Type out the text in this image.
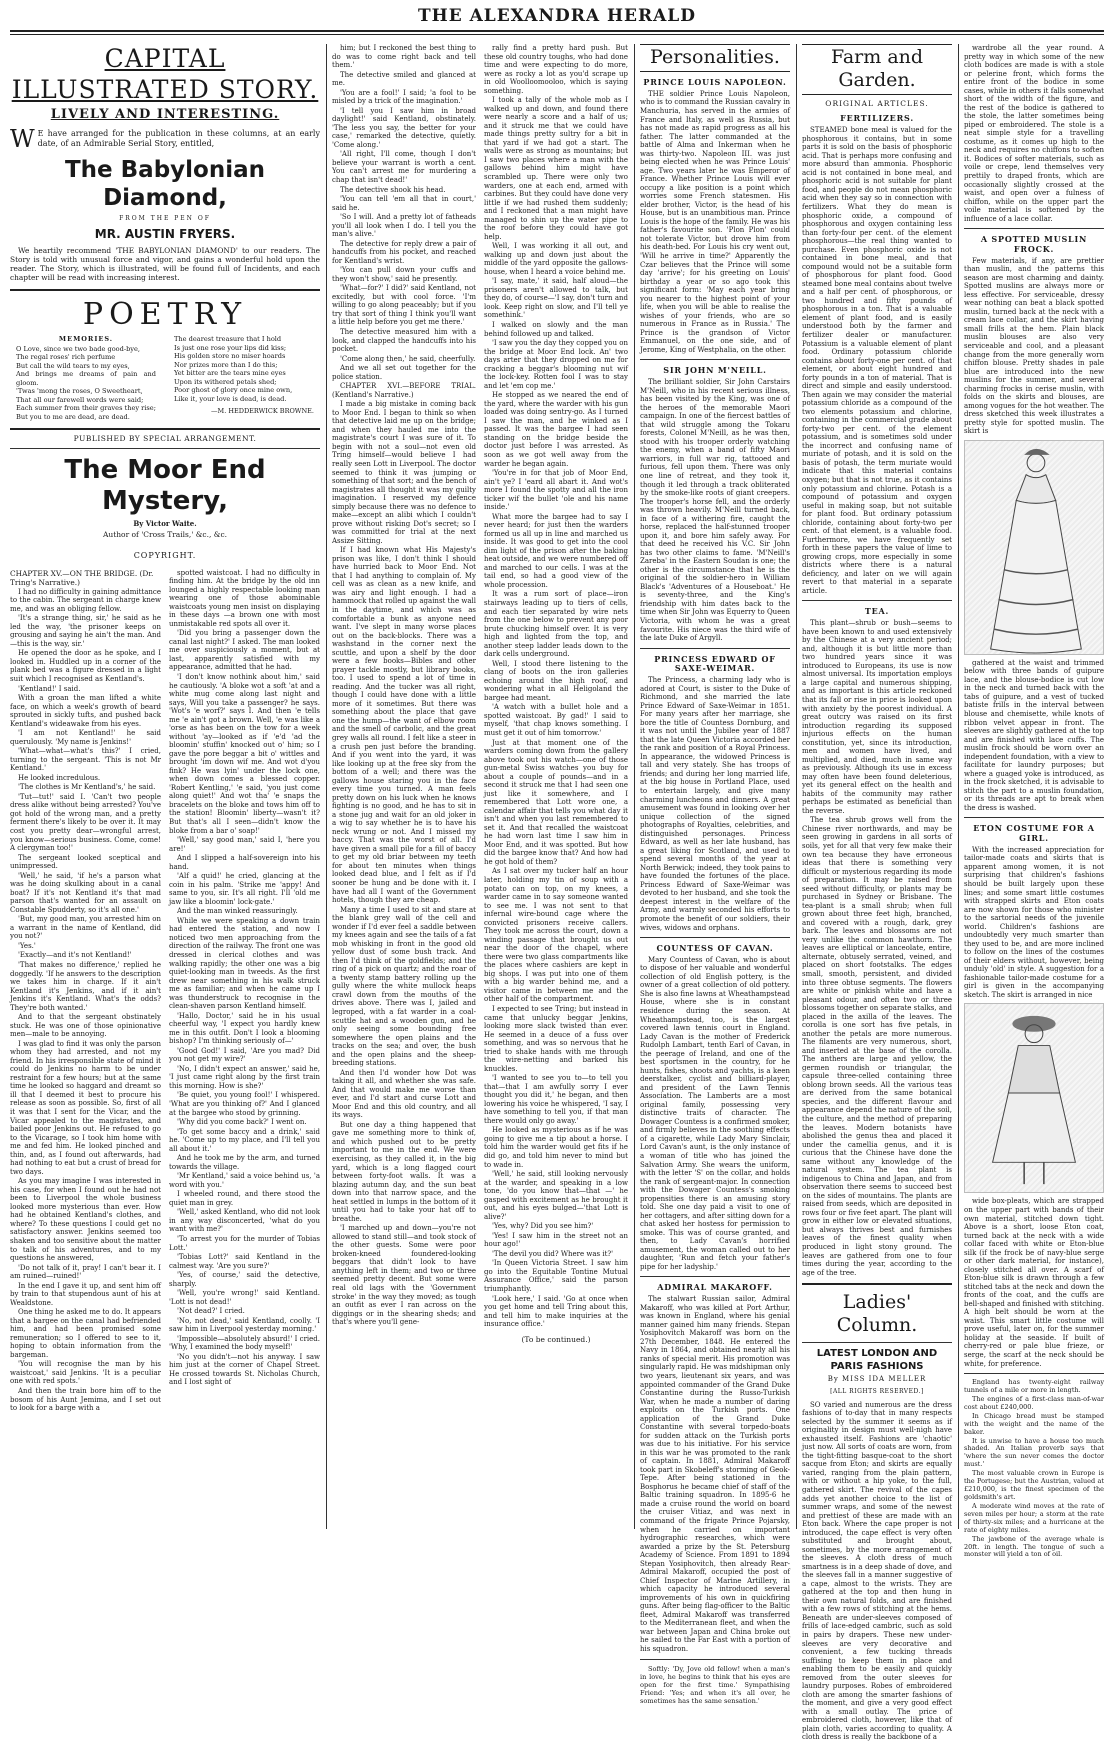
THE ALEXANDRA HERALD
CAPITAL ILLUSTRATED STORY.
LIVELY AND INTERESTING.
W E have arranged for the publication in these columns, at an early date, of an Admirable Serial Story, entitled,
The Babylonian Diamond,
FROM THE PEN OF
MR. AUSTIN FRYERS.
We heartily recommend 'THE BABYLONIAN DIAMOND' to our readers. The Story is told with unusual force and vigor, and gains a wonderful hold upon the reader. The Story, which is illustrated, will be found full of Incidents, and each chapter will be read with increasing interest.
POETRY
MEMORIES.
O Love, since we two bade good-bye,
The regal roses' rich perfume
But call the wild tears to my eyes,
And brings me dreams of pain and gloom.
'Twas 'mong the roses, O Sweetheart,
That all our farewell words were said;
Each summer from their graves they rise;
But you to me are dead, are dead.
The dearest treasure that I hold
Is just one rose your lips did kiss;
His golden store no miser hoards
Nor prizes more than I do this;
Yet bitter are the tears mine eyes
Upon its withered petals shed;
Poor ghost of glory once mine own,
Like it, your love is dead, is dead.
—M. HEDDERWICK BROWNE.
PUBLISHED BY SPECIAL ARRANGEMENT.
The Moor End Mystery,
By Victor Waite.
Author of 'Cross Trails,' &c., &c.
COPYRIGHT.
CHAPTER XV.—ON THE BRIDGE. (Dr. Tring's Narrative.)

I had no difficulty in gaining admittance to the cabin. The sergeant in charge knew me, and was an obliging fellow.

'It's a strange thing, sir,' he said as he led the way, 'the prisoner keeps on grousing and saying he ain't the man. And—this is the way, sir.'

He opened the door as he spoke, and I looked in. Huddled up in a corner of the plank bed was a figure dressed in a light suit which I recognised as Kentland's.

'Kentland!' I said.

With a groan the man lifted a white face, on which a week's growth of beard sprouted in sickly tufts, and pushed back Kentland's wideawake from his eyes.

'I am not Kentland!' he said querulously. 'My name is Jenkins!'

'What—what—what's this?' I cried, turning to the sergeant. 'This is not Mr Kentland.'

He looked incredulous.

'The clothes is Mr Kentland's,' he said.

'Tut—tut!' said I. 'Can't two people dress alike without being arrested? You've got hold of the wrong man, and a pretty ferment there's likely to be over it. It may cost you pretty dear—wrongful arrest, you know—serious business. Come, come! A clergyman too!'

The sergeant looked sceptical and unimpressed.

'Well,' he said, 'if he's a parson what was he doing skulking about in a canal boat? If it's not Kentland it's that mad parson that's wanted for an assault on Constable Spudderty, so it's all one.'

'But, my good man, you arrested him on a warrant in the name of Kentland, did you not?'

'Yes.'

'Exactly—and it's not Kentland!'

'That makes no difference,' replied he doggedly. 'If he answers to the description we takes him in charge. If it ain't Kentland it's Jenkins, and if it ain't Jenkins it's Kentland. What's the odds? They're both wanted.'

And to that the sergeant obstinately stuck. He was one of those opinionative men—male to be annoying.

I was glad to find it was only the parson whom they had arrested, and not my friend. In his irresponsible state of mind it could do Jenkins no harm to be under restraint for a few hours; but at the same time he looked so haggard and dreamt so ill that I deemed it best to procure his release as soon as possible. So, first of all it was that I sent for the Vicar, and the Vicar appealed to the magistrates, and bailed poor Jenkins out. He refused to go to the Vicarage, so I took him home with me and fed him. He looked pinched and thin, and, as I found out afterwards, had had nothing to eat but a crust of bread for two days.

As you may imagine I was interested in his case, for when I found out he had not been to Liverpool the whole business looked more mysterious than ever. How had he obtained Kentland's clothes, and where? To these questions I could get no satisfactory answer. Jenkins seemed too shaken and too sensitive about the matter to talk of his adventures, and to my questions he answered,

'Do not talk of it, pray! I can't bear it. I am ruined—ruined!'

In the end I gave it up, and sent him off by train to that stupendous aunt of his at Wealdstone.

One thing he asked me to do. It appears that a bargee on the canal had befriended him, and had been promised some remuneration; so I offered to see to it, hoping to obtain information from the bargeman.

'You will recognise the man by his waistcoat,' said Jenkins. 'It is a peculiar one with red spots.'

And then the train bore him off to the bosom of his Aunt Jemima, and I set out to look for a barge with a

spotted waistcoat. I had no difficulty in finding him. At the bridge by the old inn lounged a highly respectable looking man wearing one of those abominable waistcoats young men insist on displaying in these days —a brown one with most unmistakable red spots all over it.

'Did you bring a passenger down the canal last night?' I asked. The man looked me over suspiciously a moment, but at last, apparently satisfied with my appearance, admitted that he had.

'I don't know nothink about him,' said he cautiously. 'A bloke wot a soft 'at and a white mug come along last night and says, Will you take a passenger? he says. 'Wot's 'e worf?' says I. And then 'e tells me 'e ain't got a brown. Well, 'e was like a 'orse as has been on the tow for a week without 'ay—looked as if 'e'd 'ad the bloomin' stuffin' knocked out o' him; so I gave the pore beggar a bit o' wittles and brought 'im down wif me. And wot d'you fink? He was lyin' under the lock one, when down comes a blessed copper. 'Robert Kentling,' 'e said, 'you just come along quiet!' And wot tha' 'e snaps the bracelets on the bloke and tows him off to the station! Bloomin' liberty—wasn't it? But that's all I seen—didn't know the bloke from a bar o' soap!'

'Well,' say good man,' said I, 'here you are!'

And I slipped a half-sovereign into his hand.

'Alf a quid!' he cried, glancing at the coin in his palm. 'Strike me 'appy! And same to you, sir. It's all right. I'll 'old me jaw like a bloomin' lock-gate.'

And the man winked reassuringly.

While we were speaking a down train had entered the station, and now I noticed two men approaching from the direction of the railway. The front one was dressed in clerical clothes and was walking rapidly; the other one was a big quiet-looking man in tweeds. As the first drew near something in his walk struck me as familiar; and when he came up I was thunderstruck to recognise in the clean-shaven parson Kentland himself.

'Hallo, Doctor,' said he in his usual cheerful way, 'I expect you hardly knew me in this outfit. Don't I look a blooming bishop? I'm thinking seriously of—'

'Good God!' I said, 'Are you mad? Did you not get my wire?'

'No, I didn't expect an answer,' said he, 'I just came right along by the first train this morning. How is she?'

'Be quiet, you young fool!' I whispered. 'What are you thinking of?' And I glanced at the bargee who stood by grinning.

'Why did you come back?' I went on.

'To get some baccy and a drink,' said he. 'Come up to my place, and I'll tell you all about it.'

And he took me by the arm, and turned towards the village.

'Mr Kentland,' said a voice behind us, 'a word with you.'

I wheeled round, and there stood the quiet man in grey.

'Well,' asked Kentland, who did not look in any way disconcerted, 'what do you want with me?'

'To arrest you for the murder of Tobias Lott.'

'Tobias Lott?' said Kentland in the calmest way. 'Are you sure?'

'Yes, of course,' said the detective, sharply.

'Well, you're wrong!' said Kentland. 'Lott is not dead!'

'Not dead?' I cried.

'No, not dead,' said Kentland, coolly. 'I saw him in Liverpool yesterday morning.'

'Impossible—absolutely absurd!' I cried. 'Why, I examined the body myself!'

'No you didn't—not his anyway. I saw him just at the corner of Chapel Street. He crossed towards St. Nicholas Church, and I lost sight of

him; but I reckoned the best thing to do was to come right back and tell them.'

The detective smiled and glanced at me.

'You are a fool!' I said; 'a fool to be misled by a trick of the imagination.'

'I tell you I saw him in broad daylight!' said Kentland, obstinately. 'The less you say, the better for your case,' remarked the detective, quietly. 'Come along.'

'All right, I'll come, though I don't believe your warrant is worth a cent. You can't arrest me for murdering a chap that isn't dead!'

The detective shook his head.

'You can tell 'em all that in court,' said he.

'So I will. And a pretty lot of fatheads you'll all look when I do. I tell you the man's alive.'

The detective for reply drew a pair of handcuffs from his pocket, and reached for Kentland's wrist.

'You can pull down your cuffs and they won't show,' said he presently.

'What—for?' I did?' said Kentland, not excitedly, but with cool force. 'I'm willing to go along peaceably; but if you try that sort of thing I think you'll want a little help before you get me there.'

The detective measured him with a look, and clapped the handcuffs into his pocket.

'Come along then,' he said, cheerfully.

And we all set out together for the police station.

CHAPTER XVI.—BEFORE TRIAL. (Kentland's Narrative.)

I made a big mistake in coming back to Moor End. I began to think so when that detective laid me up on the bridge; and when they hauled me into the magistrate's court I was sure of it. To begin with not a soul—not even old Tring himself—would believe I had really seen Lott in Liverpool. The doctor seemed to think it was jumping or something of that sort; and the bench of magistrates all thought it was my guilty imagination. I reserved my defence simply because there was no defence to make—except an alibi which I couldn't prove without risking Dot's secret; so I was committed for trial at the next Assize Sitting.

If I had known what His Majesty's prison was like, I don't think I should have hurried back to Moor End. Not that I had anything to complain of. My cell was as clean as a new knife, and was airy and light enough. I had a hammock that rolled up against the wall in the daytime, and which was as comfortable a bunk as anyone need want. I've slept in many worse places out on the back-blocks. There was a washstand in the corner next the scuttle, and upon a shelf by the door were a few books—Bibles and other prayer tackle mostly, but library books, too. I used to spend a lot of time in reading. And the tucker was all right, though I could have done with a little more of it sometimes. But there was something about the place that gave one the hump—the want of elbow room and the smell of carbolic, and the great grey walls all round. I felt like a steer in a crush pen just before the branding. And if you went into the yard, it was like looking up at the free sky from the bottom of a well; and there was the gallows house staring you in the face every time you turned. A man feels pretty down on his luck when he knows fighting is no good, and he has to sit in a stone jug and wait for an old joker in a wig to say whether he is to have his neck wrung or not. And I missed my baccy. That was the worst of all. I'd have given a small pile for a fill of baccy to get my old briar between my teeth for about ten minutes when things looked dead blue, and I felt as if I'd sooner be hung and be done with it. I have had all I want of the Government hotels, though they are cheap.

Many a time I used to sit and stare at the blank grey wall of the cell and wonder if I'd ever feel a saddle between my knees again and see the tails of a fat mob whisking in front in the good old yellow dust of some bush track. And then I'd think of the goldfields; and the ring of a pick on quartz; and the roar of a twenty stamp battery rolling up the gully where the white mullock heaps crawl down from the mouths of the drives above. There was I, jailed and legroped, with a fat warder in a coal-scuttle hat and a wooden gun, and he only seeing some bounding free somewhere the open plains and the tracks on the sea; and over, the bush and the open plains and the sheep-breeding stations.

And then I'd wonder how Dot was taking it all, and whether she was safe. And that would make me worse than ever, and I'd start and curse Lott and Moor End and this old country, and all its ways.

But one day a thing happened that gave me something more to think of, and which pushed out to be pretty important to me in the end. We were exercising, as they called it, in the big yard, which is a long flagged court between forty-foot walls. It was a blazing autumn day, and the sun beat down into that narrow space, and the heat settled in lumps in the bottom of it until you had to take your hat off to breathe.

'I marched up and down—you're not allowed to stand still—and took stock of the other guests. Some were poor broken-kneed foundered-looking beggars that didn't look to have anything left in them; and two or three seemed pretty decent. But some were real old lags with the 'Government stroke' in the way they moved; as tough an outfit as ever I ran across on the diggings or in the shearing sheds; and that's where you'll gene-

rally find a pretty hard push. But these old country toughs, who had done time and were expecting to do more, were as rocky a lot as you'd scrape up in old Woolloomooloo, which is saying something.

I took a tally of the whole mob as I walked up and down, and found there were nearly a score and a half of us; and it struck me that we could have made things pretty sultry for a bit in that yard if we had got a start. The walls were as strong as mountains; but I saw two places where a man with the gallows behind him might have scrambled up. There were only two warders, one at each end, armed with carbines. But they could have done very little if we had rushed them suddenly; and I reckoned that a man might have managed to shin up the water pipe to the roof before they could have got help.

Well, I was working it all out, and walking up and down just about the middle of the yard opposite the gallows-house, when I heard a voice behind me.

'I say, mate,' it said, half aloud—the prisoners aren't allowed to talk, but they do, of course—'I say, don't turn and look. Keep right on slow, and I'll tell ye somethink.'

I walked on slowly and the man behind followed up and talked.

'I saw you the day they copped you on the bridge at Moor End lock. An' two days arter that they dropped on me for cracking a beggar's blooming nut wif the lock-key. Rotten fool I was to stay and let 'em cop me.'

He stopped as we neared the end of the yard, where the warder with his gun loaded was doing sentry-go. As I turned I saw the man, and he winked as I passed. It was the bargee I had seen standing on the bridge beside the doctor just before I was arrested. As soon as we got well away from the warder he began again.

'You're in for that job of Moor End, ain't ye? I 'eard all abart it. And wot's more I found the spotty and all the iron ticker wif the bullet 'ole and his name inside.'

What more the bargee had to say I never heard; for just then the warders formed us all up in line and marched us inside. It was good to get into the cool dim light of the prison after the baking heat outside, and we were numbered off and marched to our cells. I was at the tail end, so had a good view of the whole procession.

It was a rum sort of place—iron stairways leading up to tiers of cells, and each tier separated by wire nets from the one below to prevent any poor brute chucking himself over. It is very high and lighted from the top, and another steep ladder leads down to the dark cells underground.

Well, I stood there listening to the clang of boots on the iron galleries echoing around the high roof, and wondering what in all Heligoland the bargee had meant.

'A watch with a bullet hole and a spotted waistcoat. By gad!' I said to myself, 'that chap knows something. I must get it out of him tomorrow.'

Just at that moment one of the warders coming down from the gallery above took out his watch—one of those gun-metal Swiss watches you buy for about a couple of pounds—and in a second it struck me that I had seen one just like it somewhere, and I remembered that Lott wore one, a calendar affair that tells you what day it isn't and when you last remembered to set it. And that recalled the waistcoat he had worn last time I saw him in Moor End, and it was spotted. But how did the bargee know that? And how had he got hold of them?

As I sat over my tucker half an hour later, holding my tin of soup with a potato can on top, on my knees, a warder came in to say someone wanted to see me. I was not sent to that infernal wire-bound cage where the convicted prisoners receive callers. They took me across the court, down a winding passage that brought us out near the door of the chapel, where there were two glass compartments like the places where cashiers are kept in big shops. I was put into one of them with a big warder behind me, and a visitor came in between me and the other half of the compartment.

I expected to see Tring; but instead in came that unlucky beggar Jenkins, looking more slack twisted than ever. He seemed in a deuce of a fuss over something, and was so nervous that he tried to shake hands with me through the wire-netting and barked his knuckles.

'I wanted to see you to—to tell you that—that I am awfully sorry I ever thought you did it,' he began, and then lowering his voice he whispered, 'I say, I have something to tell you, if that man there would only go away.'

He looked as mysterious as if he was going to give me a tip about a horse. I told him the warder would get fits if he did go, and told him never to mind but to wade in.

'Well,' he said, still looking nervously at the warder, and speaking in a low tone, 'do you know that—that —' he gasped with excitement as he brought it out, and his eyes bulged—'that Lott is alive?'

'Yes, why? Did you see him?'

'Yes! I saw him in the street not an hour ago!'

'The devil you did? Where was it?'

'In Queen Victoria Street. I saw him go into the Equitable Tontine Mutual Assurance Office,' said the parson triumphantly.

'Look here,' I said. 'Go at once when you get home and tell Tring about this, and tell him to make inquiries at the insurance office.'

(To be continued.)
Personalities.
PRINCE LOUIS NAPOLEON.

THE soldier Prince Louis Napoleon, who is to command the Russian cavalry in Manchuria, has served in the armies of France and Italy, as well as Russia, but has not made as rapid progress as all his father. The latter commanded at the battle of Alma and Inkerman when he was thirty-two. Napoleon III. was just being elected when he was Prince Louis' age. Two years later he was Emperor of France. Whether Prince Louis will ever occupy a like position is a point which worries some French statesmen. His elder brother, Victor, is the head of his House, but is an unambitious man. Prince Louis is the hope of the family. He was his father's favourite son. 'Plon Plon' could not tolerate Victor, but drove him from his death-bed. For Louis his cry went out, 'Will he arrive in time?' Apparently the Czar believes that the Prince will some day 'arrive'; for his greeting on Louis' birthday a year or so ago took this significant form: 'May each year bring you nearer to the highest point of your life, when you will be able to realise the wishes of your friends, who are so numerous in France as in Russia.' The Prince is the grandson of Victor Emmanuel, on the one side, and of Jerome, King of Westphalia, on the other.

SIR JOHN M'NEILL.

The brilliant soldier, Sir John Carstairs M'Neill, who in his recent serious illness, has been visited by the King, was one of the heroes of the memorable Maori campaign. In one of the fiercest battles of that wild struggle among the Tokaru forests, Colonel M'Neill, as he was then, stood with his trooper orderly watching the enemy, when a band of fifty Maori warriors, in full war rig, tattooed and furious, fell upon them. There was only one line of retreat, and they took it, though it led through a track obliterated by the smoke-like roots of giant creepers. The trooper's horse fell, and the orderly was thrown heavily. M'Neill turned back, in face of a withering fire, caught the horse, replaced the half-stunned trooper upon it, and bore him safely away. For that deed he received his V.C. Sir John has two other claims to fame. 'M'Neill's Zareba' in the Eastern Soudan is one; the other is the circumstance that he is the original of the soldier-hero in William Black's 'Adventures of a Houseboat.' He is seventy-three, and the King's friendship with him dates back to the time when Sir John was Equerry to Queen Victoria, with whom he was a great favourite. His niece was the third wife of the late Duke of Argyll.

PRINCESS EDWARD OF SAXE-WEIMAR.

The Princess, a charming lady who is adored at Court, is sister to the Duke of Richmond, and she married the late Prince Edward of Saxe-Weimar in 1851. For many years after her marriage, she bore the title of Countess Dornburg, and it was not until the Jubilee year of 1887 that the late Queen Victoria accorded her the rank and position of a Royal Princess. In appearance, the widowed Princess is tall and very stately. She has troops of friends; and during her long married life, at the big house in Portland Place, used to entertain largely, and give many charming luncheons and dinners. A great amusement was found in looking over her unique collection of the signed photographs of Royalties, celebrities, and distinguished personages. Princess Edward, as well as her late husband, has a great liking for Scotland, and used to spend several months of the year at North Berwick; indeed, they took pains to have founded the fortunes of the place. Princess Edward of Saxe-Weimar was devoted to her husband, and she took the deepest interest in the welfare of the Army, and warmly seconded his efforts to promote the benefit of our soldiers, their wives, widows and orphans.

COUNTESS OF CAVAN.

Mary Countess of Cavan, who is about to dispose of her valuable and wonderful collection of old English pottery, is the owner of a great collection of old pottery. She is also fine lawns at Wheathampstead House, where she is in constant residence during the season. At Wheathampstead, too, is the largest covered lawn tennis court in England. Lady Cavan is the mother of Frederick Rudolph Lambart, tenth Earl of Cavan, in the peerage of Ireland, and one of the best sportsmen in the country, for he hunts, fishes, shoots and yachts, is a keen deerstalker, cyclist and billiard-player, and president of the Lawn Tennis Association. The Lamberts are a most original family, possessing very distinctive traits of character. The Dowager Countess is a confirmed smoker, and firmly believes in the soothing effects of a cigarette, while Lady Mary Sinclair, Lord Cavan's aunt, is the only instance of a woman of title who has joined the Salvation Army. She wears the uniform, with the letter 'S' on the collar, and holds the rank of sergeant-major. In connection with the Dowager Countess's smoking propensities there is an amusing story told. She one day paid a visit to one of her cottagers, and after sitting down for a chat asked her hostess for permission to smoke. This was of course granted, and then, to Lady Cavan's horrified amusement, the woman called out to her daughter, 'Run and fetch your father's pipe for her ladyship.'

ADMIRAL MAKAROFF.

The stalwart Russian sailor, Admiral Makaroff, who was killed at Port Arthur, was known in England, where his genial manner gained him many friends. Stepan Yosiphovitch Makaroff was born on the 27th December, 1848. He entered the Navy in 1864, and obtained nearly all his ranks of special merit. His promotion was singularly rapid. He was midshipman only two years, lieutenant six years, and was appointed commander of the Grand Duke Constantine during the Russo-Turkish War, when he made a number of daring exploits on the Turkish ports. One application of the Grand Duke Constantine with several torpedo-boats for sudden attack on the Turkish ports was due to his initiative. For his service in this war he was promoted to the rank of captain. In 1881, Admiral Makaroff took part in Skobeleff's storming of Geok-Tepe. After being stationed in the Bosphorus he became chief of staff of the Baltic training squadron. In 1895-6 he made a cruise round the world on board the cruiser Vitiaz, and was next in command of the frigate Prince Pojarsky, when he carried on important hydrographic researches, which were awarded a prize by the St. Petersburg Academy of Science. From 1891 to 1894 Stepan Yosiphovitch, then already Rear-Admiral Makaroff, occupied the post of Chief Inspector of Marine Artillery, in which capacity he introduced several improvements of his own in quickfiring guns. After being flag-officer to the Baltic fleet, Admiral Makaroff was transferred to the Mediterranean fleet, and when the war between Japan and China broke out he sailed to the Far East with a portion of his squadron.

Softly: 'Dy, Jove old fellow! when a man's in love, he begins to think that his eyes are open for the first time.' Sympathising Friend: 'Yes; and when it's all over, he sometimes has the same sensation.'
Farm and Garden.
ORIGINAL ARTICLES.
FERTILIZERS.

STEAMED bone meal is valued for the phosphorous it contains, but in some parts it is sold on the basis of phosphoric acid. That is perhaps more confusing and more absurd than ammonia. Phosphoric acid is not contained in bone meal, and phosphoric acid is not suitable for plant food, and people do not mean phosphoric acid when they say so in connection with fertilizers. What they do mean is phosphoric oxide, a compound of phosphorous and oxygen containing less than forty-four per cent. of the element phosphorous—the real thing wanted to purchase. Even phosphoric oxide is not contained in bone meal, and that compound would not be a suitable form of phosphorous for plant food. Good steamed bone meal contains about twelve and a half per cent. of phosphorous, or two hundred and fifty pounds of phosphorous in a ton. That is a valuable element of plant food, and is easily understood both by the farmer and fertilizer dealer or manufacturer. Potassium is a valuable element of plant food. Ordinary potassium chloride contains about forty-one per cent. of that element, or about eight hundred and forty pounds in a ton of material. That is direct and simple and easily understood. Then again we may consider the material potassium chloride as a compound of the two elements potassium and chlorine, containing in the commercial grade about forty-two per cent. of the element potassium, and is sometimes sold under the incorrect and confusing name of muriate of potash, and it is sold on the basis of potash, the term muriate would indicate that this material contains oxygen; but that is not true, as it contains only potassium and chlorine. Potash is a compound of potassium and oxygen useful in making soap, but not suitable for plant food. But ordinary potassium chloride, containing about forty-two per cent. of that element, is a valuable food. Furthermore, we have frequently set forth in these papers the value of lime to growing crops, more especially in some districts where there is a natural deficiency, and later on we will again revert to that material in a separate article.

TEA.

This plant—shrub or bush—seems to have been known to and used extensively by the Chinese at a very ancient period; and, although it is but little more than two hundred years since it was introduced to Europeans, its use is now almost universal. Its importation employs a large capital and numerous shipping, and as important is this article reckoned that its fall or rise in price is looked upon with anxiety by the poorest individual. A great outcry was raised on its first introduction regarding its supposed injurious effects on the human constitution, yet, since its introduction, men and women have lived, and multiplied, and died, much in same way as previously. Although its use in excess may often have been found deleterious, yet its general effect on the health and habits of the community may rather perhaps be estimated as beneficial than the reverse.

The tea shrub grows well from the Chinese river northwards, and may be seen growing in gardens in all sorts of soils, yet for all that very few make their own tea because they have erroneous ideas that there is something very difficult or mysterious regarding its mode of preparation. It may be raised from seed without difficulty, or plants may be purchased in Sydney or Brisbane. The tea-plant is a small shrub; when full grown about three feet high, branched, and covered with a rough, dark, grey bark. The leaves and blossoms are not very unlike the common hawthorn. The leaves are elliptical or lanceolate, entire, alternate, obtusely serrated, veined, and placed on short footstalks. The edges small, smooth, persistent, and divided into three obtuse segments. The flowers are white or pinkish white and have a pleasant odour, and often two or three blossoms together on separate stalks, and placed in the axilla of the leaves. The corolla is one sort has five petals, in another the petals are more numerous. The filaments are very numerous, short, and inserted at the base of the corolla. The anthers are large and yellow, the germen roundish or triangular, the capsule three-celled containing three oblong brown seeds. All the various teas are derived from the same botanical species, and the different flavour and appearance depend the nature of the soil, the culture, and the method of preparing the leaves. Modern botanists have abolished the genus thea and placed it under the camellia genus, and it is curious that the Chinese have done the same without any knowledge of the natural system. The tea plant is indigenous to China and Japan, and from observation there seems to succeed best on the sides of mountains. The plants are raised from seeds, which are deposited in rows four or five feet apart. The plant will grow in either low or elevated situations, but always thrives best and furnishes leaves of the finest quality when produced in light stony ground. The leaves are gathered from one to four times during the year, according to the age of the tree.

Ladies' Column.
LATEST LONDON AND PARIS FASHIONS
By MISS IDA MELLER
[ALL RIGHTS RESERVED.]

SO varied and numerous are the dress fashions of to-day that in many respects selected by the summer it seems as if originality in design must well-nigh have exhausted itself. Fashions are 'chaotic' just now. All sorts of coats are worn, from the tight-fitting basque-coat to the short sacque from Eton; and skirts are equally varied, ranging from the plain pattern, with or without a hip yoke, to the full, gathered skirt. The revival of the capes adds yet another choice to the list of summer wraps, and some of the newest and prettiest of these are made with an Eton back. Where the cape proper is not introduced, the cape effect is very often substituted and brought about, sometimes, by the more arrangement of the sleeves. A cloth dress of much smartness is in a deep shade of dove, and the sleeves fall in a manner suggestive of a cape, almost to the wrists. They are gathered at the top and then hung in their own natural folds, and are finished with a few rows of stitching at the hems. Beneath are under-sleeves composed of frills of lace-edged cambric, such as sold in pairs by drapers. These new under-sleeves are very decorative and convenient, a few tucking threads suffising to keep them in place and enabling them to be easily and quickly removed from the outer sleeves for laundry purposes. Robes of embroidered cloth are among the smarter fashions of the moment, and give a very good effect with a small outlay. The price of embroidered cloth, however, like that of plain cloth, varies according to quality. A cloth dress is really the backbone of a

wardrobe all the year round. A pretty way in which some of the new cloth bodices are made is with a stole or pelerine front, which forms the entire front of the bodice in some cases, while in others it falls somewhat short of the width of the figure, and the rest of the bodice is gathered to the stole, the latter sometimes being piped or embroidered. The stole is a neat simple style for a travelling costume, as it comes up high to the neck and requires no chiffons to soften it. Bodices of softer materials, such as voile or crepe, lend themselves very prettily to draped fronts, which are occasionally slightly crossed at the waist, and open over a fulness of chiffon, while on the upper part the voile material is softened by the influence of a lace collar.

A SPOTTED MUSLIN FROCK.

Few materials, if any, are prettier than muslin, and the patterns this season are most charming and dainty. Spotted muslins are always more or less effective. For serviceable, dressy wear nothing can beat a black spotted muslin, turned back at the neck with a cream lace collar, and the skirt having small frills at the hem. Plain black muslin blouses are also very serviceable and cool, and a pleasant change from the more generally worn chiffon blouse. Pretty shades in pale blue are introduced into the new muslins for the summer, and several charming frocks in cerise muslin, with folds on the skirts and blouses, are among vogues for the hot weather. The dress sketched this week illustrates a pretty style for spotted muslin. The skirt is

gathered at the waist and trimmed below with three bands of guipure lace, and the blouse-bodice is cut low in the neck and turned back with the tabs of guipure, and a vest of tucked batiste frills in the interval between blouse and chemisette, while knots of ribbon velvet appear in front. The sleeves are slightly gathered at the top and are finished with lace cuffs. The muslin frock should be worn over an independent foundation, with a view to facilitate for laundry purposes; but where a guaged yoke is introduced, as in the frock sketched, it is advisable to stitch the part to a muslin foundation, or its threads are apt to break when the dress is washed.

ETON COSTUME FOR A GIRL.

With the increased appreciation for tailor-made coats and skirts that is apparent among women, it is not surprising that children's fashions should be built largely upon these lines; and some smart little costumes with strapped skirts and Eton coats are now shown for those who minister to the sartorial needs of the juvenile world. Children's fashions are undoubtedly very much smarter than they used to be, and are more inclined to follow on the lines of the costumes of their elders without, however, being unduly 'old' in style. A suggestion for a fashionable tailor-made costume for a girl is given in the accompanying sketch. The skirt is arranged in nice

wide box-pleats, which are strapped on the upper part with bands of their own material, stitched down tight. Above is a short, loose Eton coat, turned back at the neck with a wide collar faced with white or Eton-blue silk (if the frock be of navy-blue serge or other dark material, for instance), closely stitched all over. A scarf of Eton-blue silk is drawn through a few stitched tabs at the neck and down the fronts of the coat, and the cuffs are bell-shaped and finished with stitching. A high belt should be worn at the waist. This smart little costume will prove useful, later on, for the summer holiday at the seaside. If built of cherry-red or pale blue frieze, or serge, the scarf at the neck should be white, for preference.

England has twenty-eight railway tunnels of a mile or more in length.

The engines of a first-class man-of-war cost about £240,000.

In Chicago bread must be stamped with the weight and the name of the baker.

It is unwise to have a house too much shaded. An Italian proverb says that 'where the sun never comes the doctor must.'

The most valuable crown in Europe is the Portugese; but the Austrian, valued at £210,000, is the finest specimen of the goldsmith's art.

A moderate wind moves at the rate of seven miles per hour; a storm at the rate of thirty-six miles; and a hurricane at the rate of eighty miles.

The jawbone of the average whale is 20ft. in length. The tongue of such a monster will yield a ton of oil.
